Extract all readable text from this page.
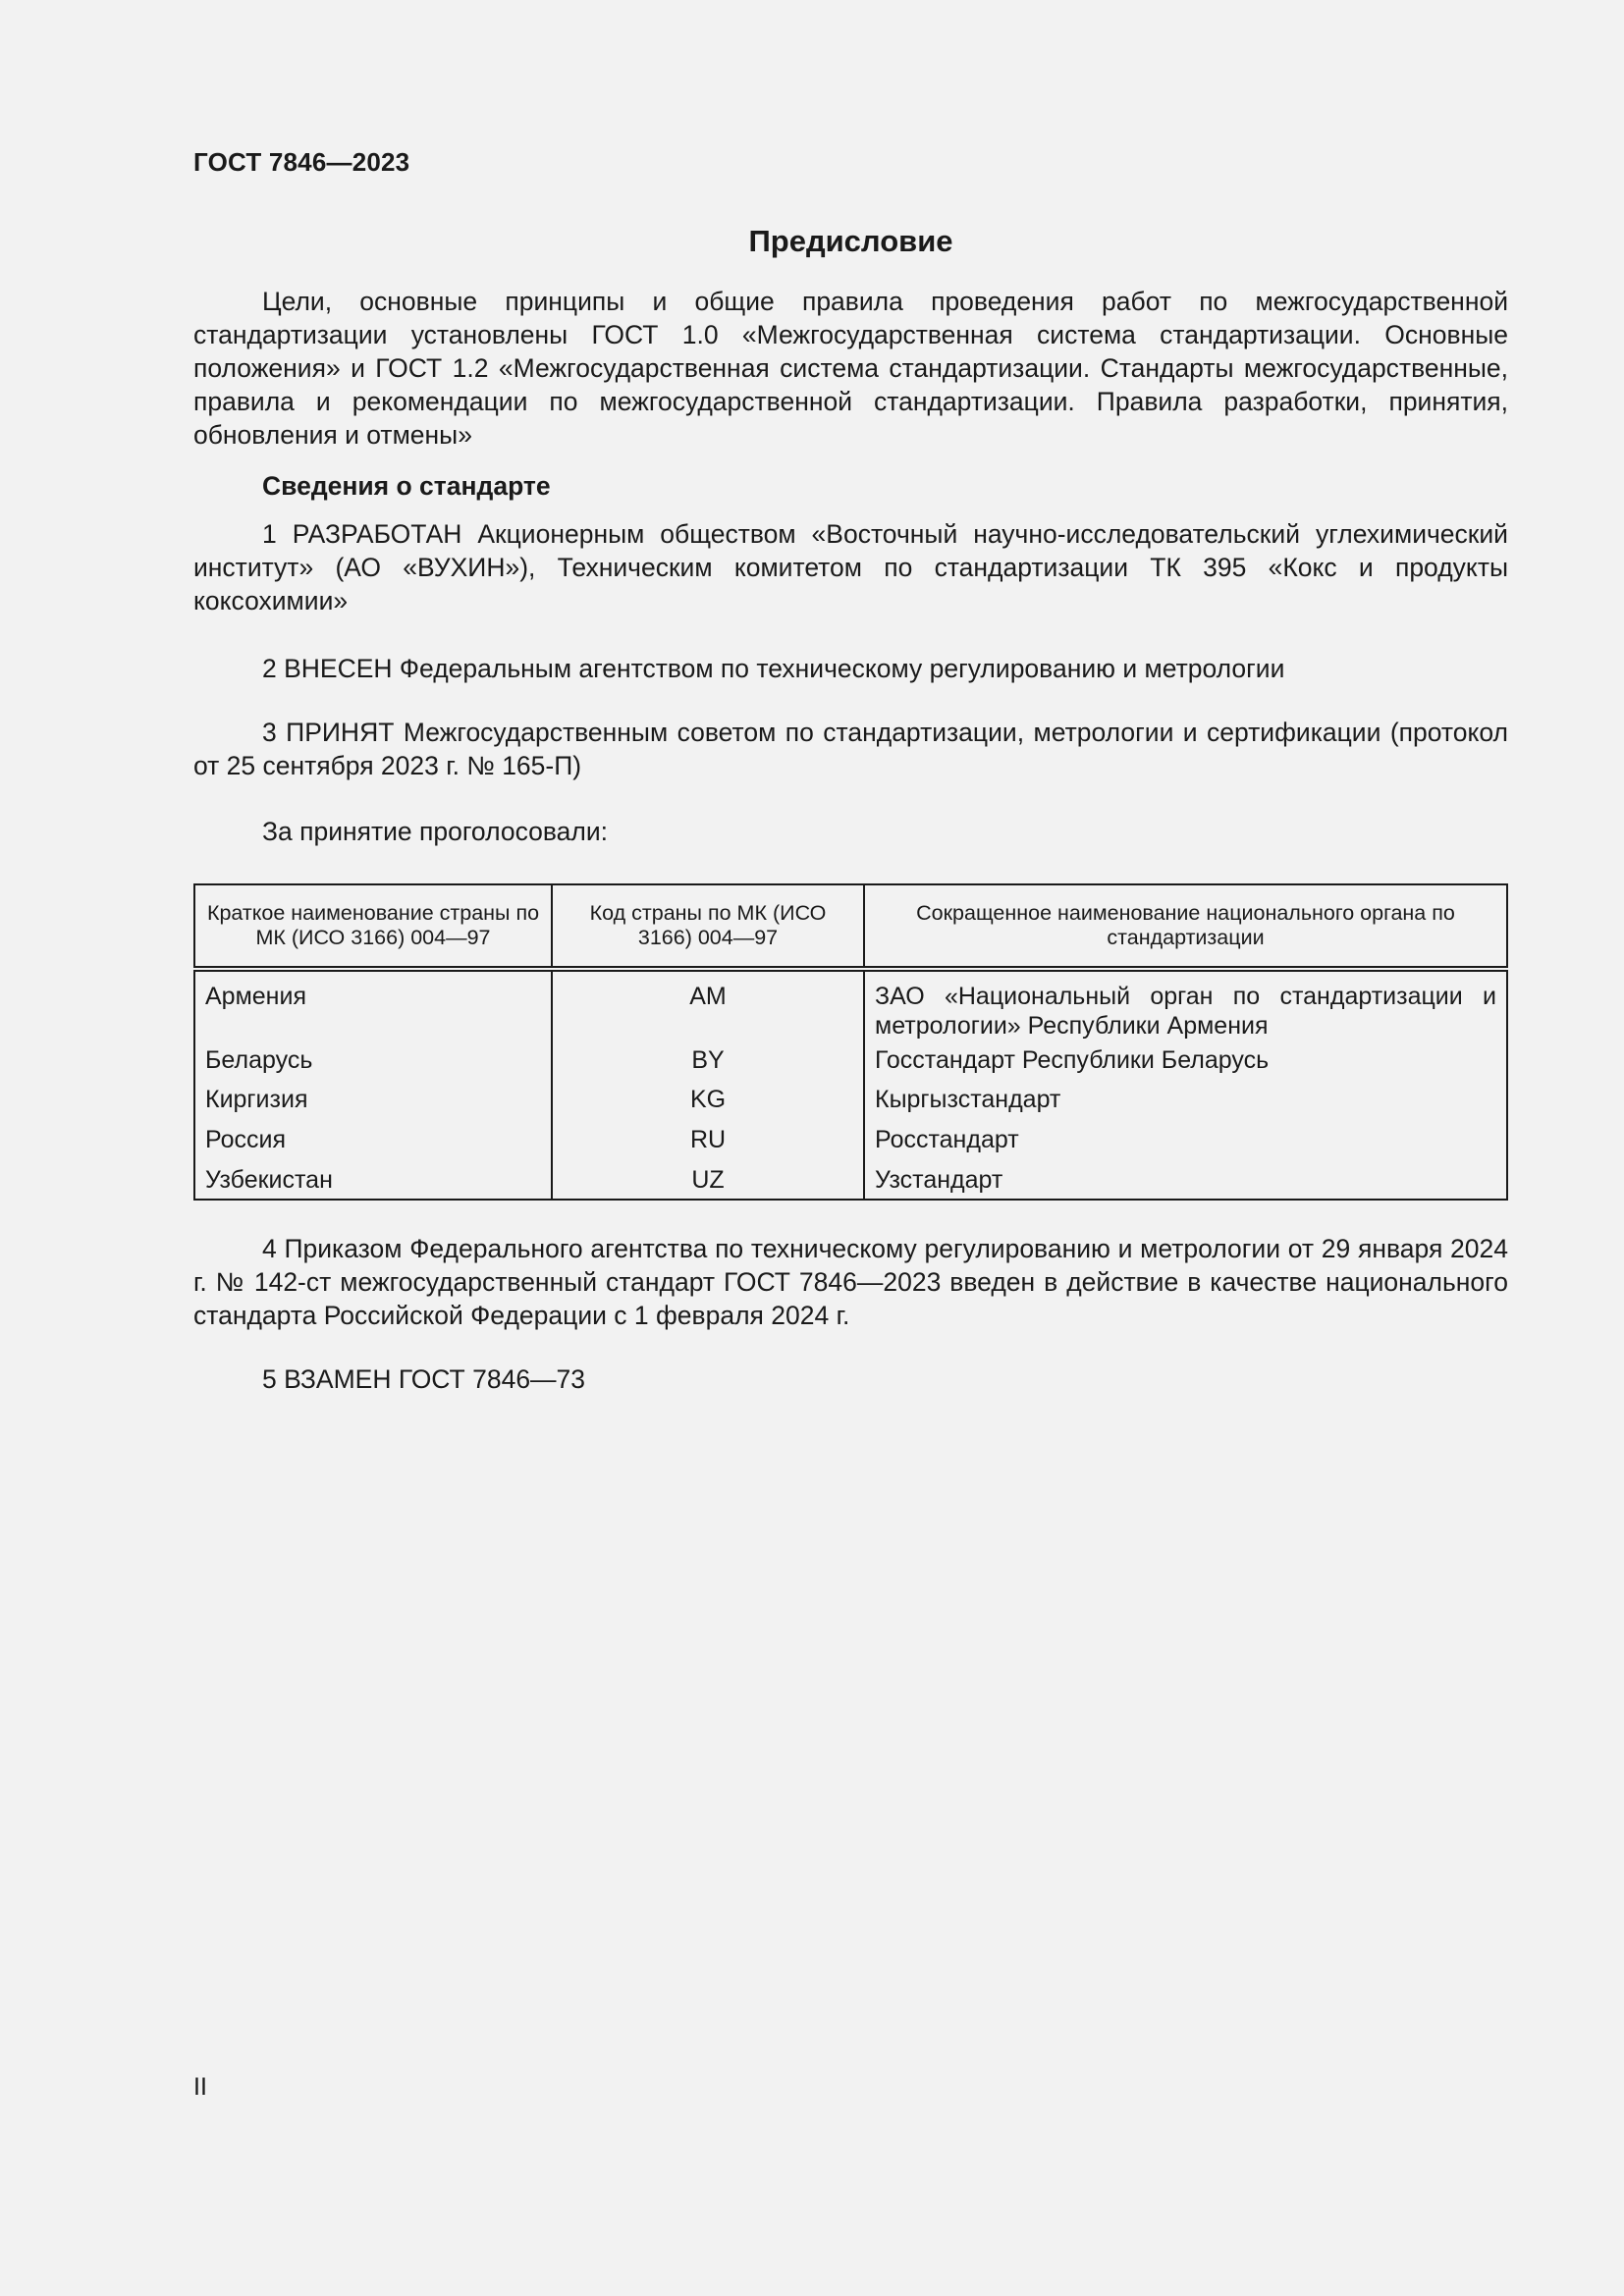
ГОСТ 7846—2023
Предисловие

Цели, основные принципы и общие правила проведения работ по межгосударственной стандартизации установлены ГОСТ 1.0 «Межгосударственная система стандартизации. Основные положения» и ГОСТ 1.2 «Межгосударственная система стандартизации. Стандарты межгосударственные, правила и рекомендации по межгосударственной стандартизации. Правила разработки, принятия, обновления и отмены»

Сведения о стандарте

1 РАЗРАБОТАН Акционерным обществом «Восточный научно-исследовательский углехимический институт» (АО «ВУХИН»), Техническим комитетом по стандартизации ТК 395 «Кокс и продукты коксохимии»

2 ВНЕСЕН Федеральным агентством по техническому регулированию и метрологии

3 ПРИНЯТ Межгосударственным советом по стандартизации, метрологии и сертификации (протокол от 25 сентября 2023 г. № 165-П)

За принятие проголосовали:

Краткое наименование страны по МК (ИСО 3166) 004—97	Код страны по МК (ИСО 3166) 004—97	Сокращенное наименование национального органа по стандартизации
Армения	AM	ЗАО «Национальный орган по стандартизации и метрологии» Республики Армения
Беларусь	BY	Госстандарт Республики Беларусь
Киргизия	KG	Кыргызстандарт
Россия	RU	Росстандарт
Узбекистан	UZ	Узстандарт

4 Приказом Федерального агентства по техническому регулированию и метрологии от 29 января 2024 г. № 142-ст межгосударственный стандарт ГОСТ 7846—2023 введен в действие в качестве национального стандарта Российской Федерации с 1 февраля 2024 г.

5 ВЗАМЕН ГОСТ 7846—73

II
